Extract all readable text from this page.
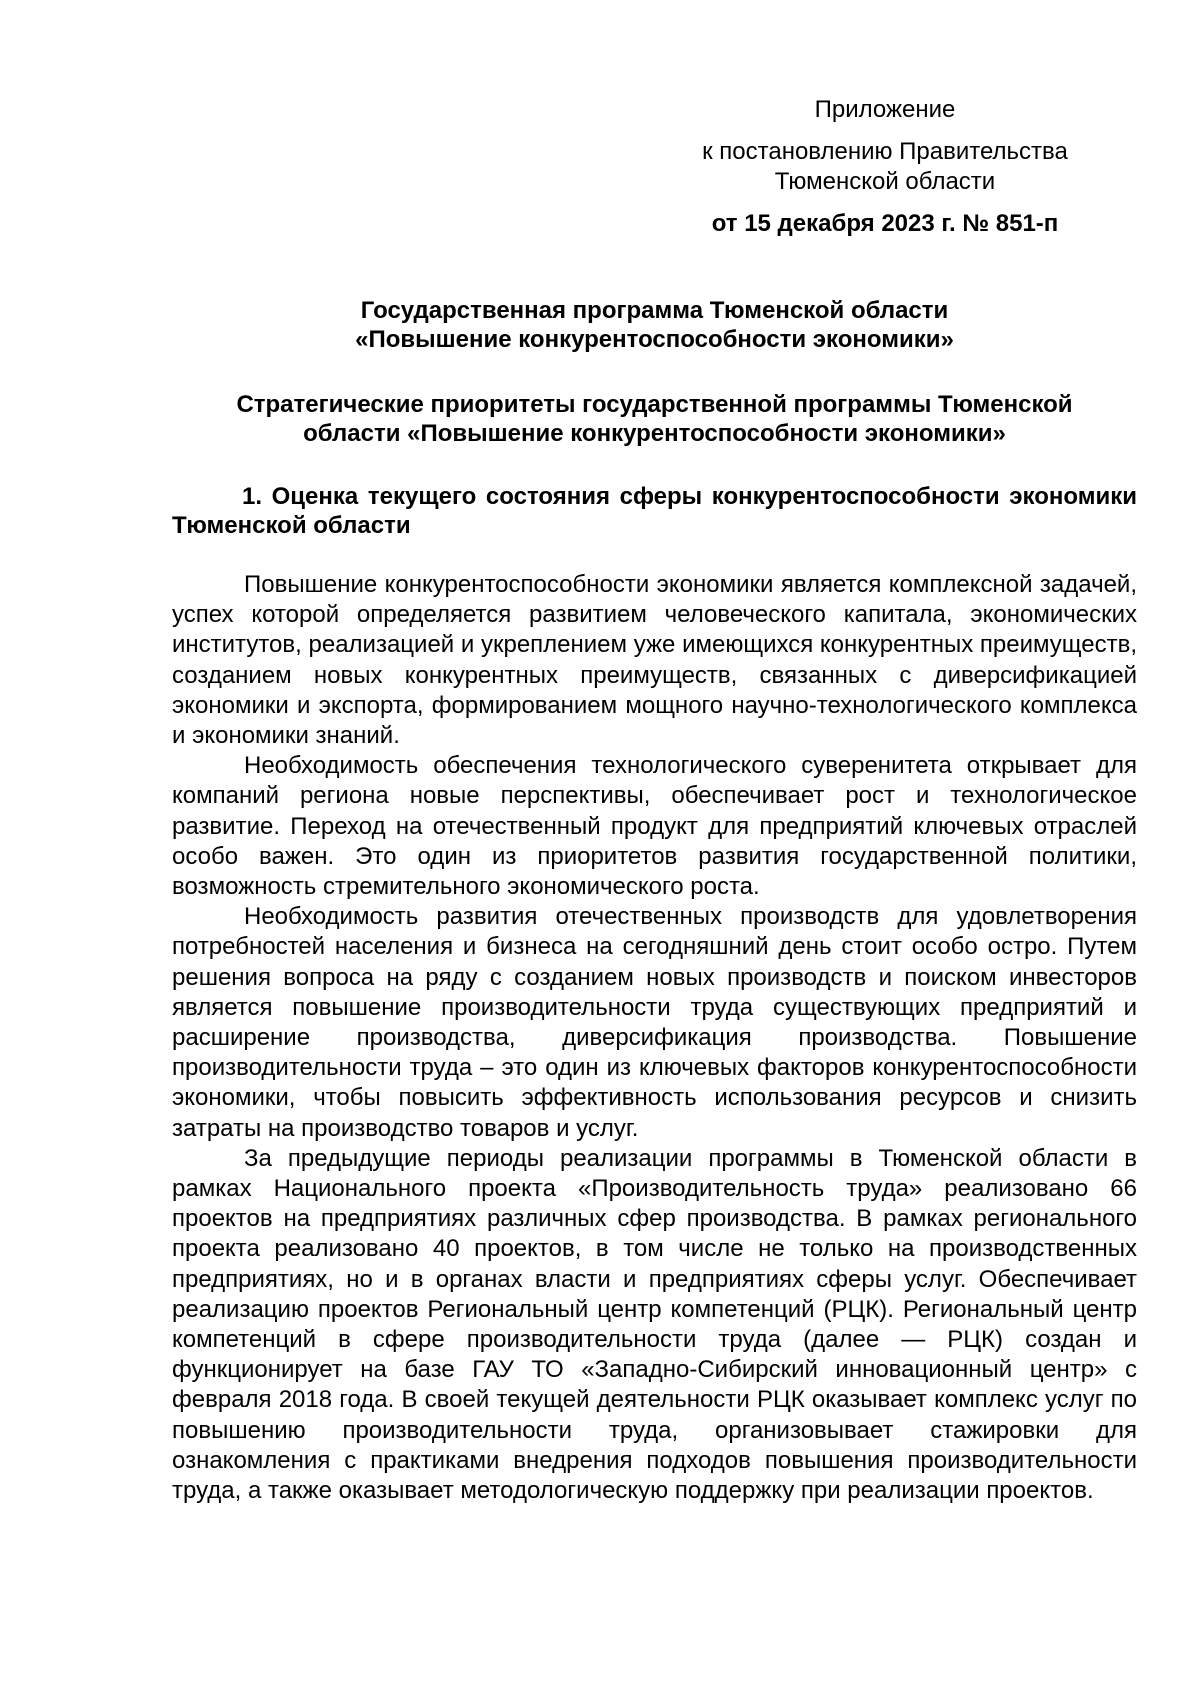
Приложение
к постановлению Правительства
Тюменской области
от 15 декабря 2023 г. № 851-п
Государственная программа Тюменской области
«Повышение конкурентоспособности экономики»
Стратегические приоритеты государственной программы Тюменской
области «Повышение конкурентоспособности экономики»
1. Оценка текущего состояния сферы конкурентоспособности экономики Тюменской области

Повышение конкурентоспособности экономики является комплексной задачей, успех которой определяется развитием человеческого капитала, экономических институтов, реализацией и укреплением уже имеющихся конкурентных преимуществ, созданием новых конкурентных преимуществ, связанных с диверсификацией экономики и экспорта, формированием мощного научно-технологического комплекса и экономики знаний.

Необходимость обеспечения технологического суверенитета открывает для компаний региона новые перспективы, обеспечивает рост и технологическое развитие. Переход на отечественный продукт для предприятий ключевых отраслей особо важен. Это один из приоритетов развития государственной политики, возможность стремительного экономического роста.

Необходимость развития отечественных производств для удовлетворения потребностей населения и бизнеса на сегодняшний день стоит особо остро. Путем решения вопроса на ряду с созданием новых производств и поиском инвесторов является повышение производительности труда существующих предприятий и расширение производства, диверсификация производства. Повышение производительности труда – это один из ключевых факторов конкурентоспособности экономики, чтобы повысить эффективность использования ресурсов и снизить затраты на производство товаров и услуг.

За предыдущие периоды реализации программы в Тюменской области в рамках Национального проекта «Производительность труда» реализовано 66 проектов на предприятиях различных сфер производства. В рамках регионального проекта реализовано 40 проектов, в том числе не только на производственных предприятиях, но и в органах власти и предприятиях сферы услуг. Обеспечивает реализацию проектов Региональный центр компетенций (РЦК). Региональный центр компетенций в сфере производительности труда (далее — РЦК) создан и функционирует на базе ГАУ ТО «Западно-Сибирский инновационный центр» с февраля 2018 года. В своей текущей деятельности РЦК оказывает комплекс услуг по повышению производительности труда, организовывает стажировки для ознакомления с практиками внедрения подходов повышения производительности труда, а также оказывает методологическую поддержку при реализации проектов.
